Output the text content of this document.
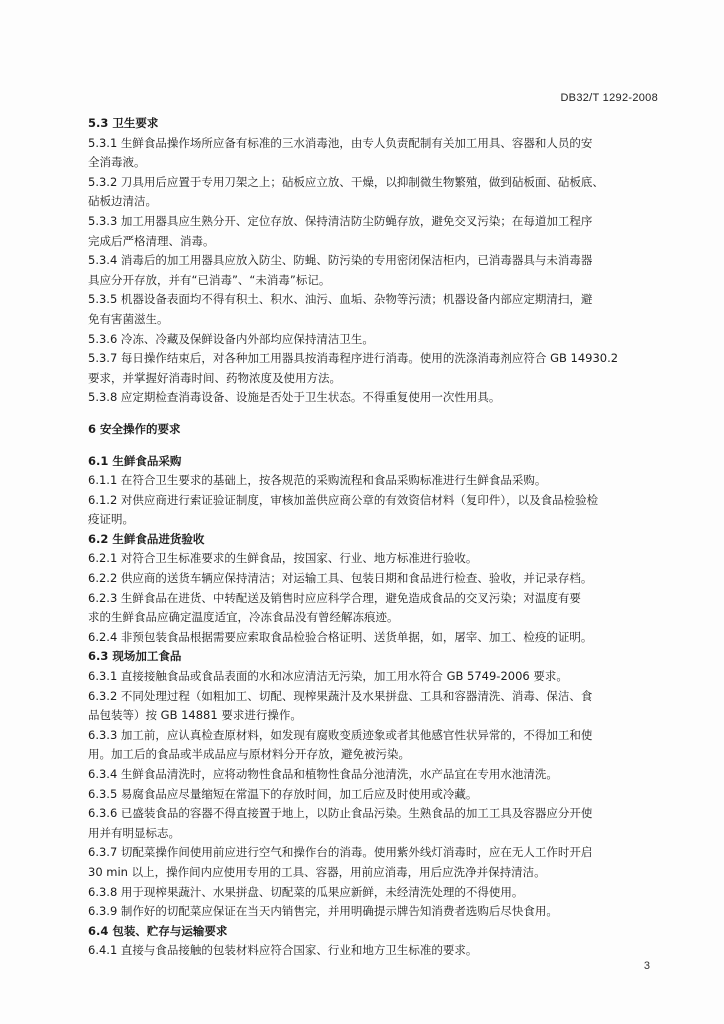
DB32/T 1292-2008
5.3 卫生要求
5.3.1 生鲜食品操作场所应备有标准的三水消毒池，由专人负责配制有关加工用具、容器和人员的安
全消毒液。
5.3.2 刀具用后应置于专用刀架之上；砧板应立放、干燥，以抑制微生物繁殖，做到砧板面、砧板底、
砧板边清洁。
5.3.3 加工用器具应生熟分开、定位存放、保持清洁防尘防蝇存放，避免交叉污染；在每道加工程序
完成后严格清理、消毒。
5.3.4 消毒后的加工用器具应放入防尘、防蝇、防污染的专用密闭保洁柜内，已消毒器具与未消毒器
具应分开存放，并有“已消毒”、“未消毒”标记。
5.3.5 机器设备表面均不得有积土、积水、油污、血垢、杂物等污渍；机器设备内部应定期清扫，避
免有害菌滋生。
5.3.6 冷冻、冷藏及保鲜设备内外部均应保持清洁卫生。
5.3.7 每日操作结束后，对各种加工用器具按消毒程序进行消毒。使用的洗涤消毒剂应符合 GB 14930.2
要求，并掌握好消毒时间、药物浓度及使用方法。
5.3.8 应定期检查消毒设备、设施是否处于卫生状态。不得重复使用一次性用具。
6 安全操作的要求
6.1 生鲜食品采购
6.1.1 在符合卫生要求的基础上，按各规范的采购流程和食品采购标准进行生鲜食品采购。
6.1.2 对供应商进行索证验证制度，审核加盖供应商公章的有效资信材料（复印件），以及食品检验检
疫证明。
6.2 生鲜食品进货验收
6.2.1 对符合卫生标准要求的生鲜食品，按国家、行业、地方标准进行验收。
6.2.2 供应商的送货车辆应保持清洁；对运输工具、包装日期和食品进行检查、验收，并记录存档。
6.2.3 生鲜食品在进货、中转配送及销售时应应科学合理，避免造成食品的交叉污染；对温度有要
求的生鲜食品应确定温度适宜，冷冻食品没有曾经解冻痕迹。
6.2.4 非预包装食品根据需要应索取食品检验合格证明、送货单据，如，屠宰、加工、检疫的证明。
6.3 现场加工食品
6.3.1 直接接触食品或食品表面的水和冰应清洁无污染，加工用水符合 GB 5749-2006 要求。
6.3.2 不同处理过程（如粗加工、切配、现榨果蔬汁及水果拼盘、工具和容器清洗、消毒、保洁、食
品包装等）按 GB 14881 要求进行操作。
6.3.3 加工前，应认真检查原材料，如发现有腐败变质迹象或者其他感官性状异常的，不得加工和使
用。加工后的食品或半成品应与原材料分开存放，避免被污染。
6.3.4 生鲜食品清洗时，应将动物性食品和植物性食品分池清洗，水产品宜在专用水池清洗。
6.3.5 易腐食品应尽量缩短在常温下的存放时间，加工后应及时使用或冷藏。
6.3.6 已盛装食品的容器不得直接置于地上，以防止食品污染。生熟食品的加工工具及容器应分开使
用并有明显标志。
6.3.7 切配菜操作间使用前应进行空气和操作台的消毒。使用紫外线灯消毒时，应在无人工作时开启
30 min 以上，操作间内应使用专用的工具、容器，用前应消毒，用后应洗净并保持清洁。
6.3.8 用于现榨果蔬汁、水果拼盘、切配菜的瓜果应新鲜，未经清洗处理的不得使用。
6.3.9 制作好的切配菜应保证在当天内销售完，并用明确提示牌告知消费者选购后尽快食用。
6.4 包装、贮存与运输要求
6.4.1 直接与食品接触的包装材料应符合国家、行业和地方卫生标准的要求。
3
